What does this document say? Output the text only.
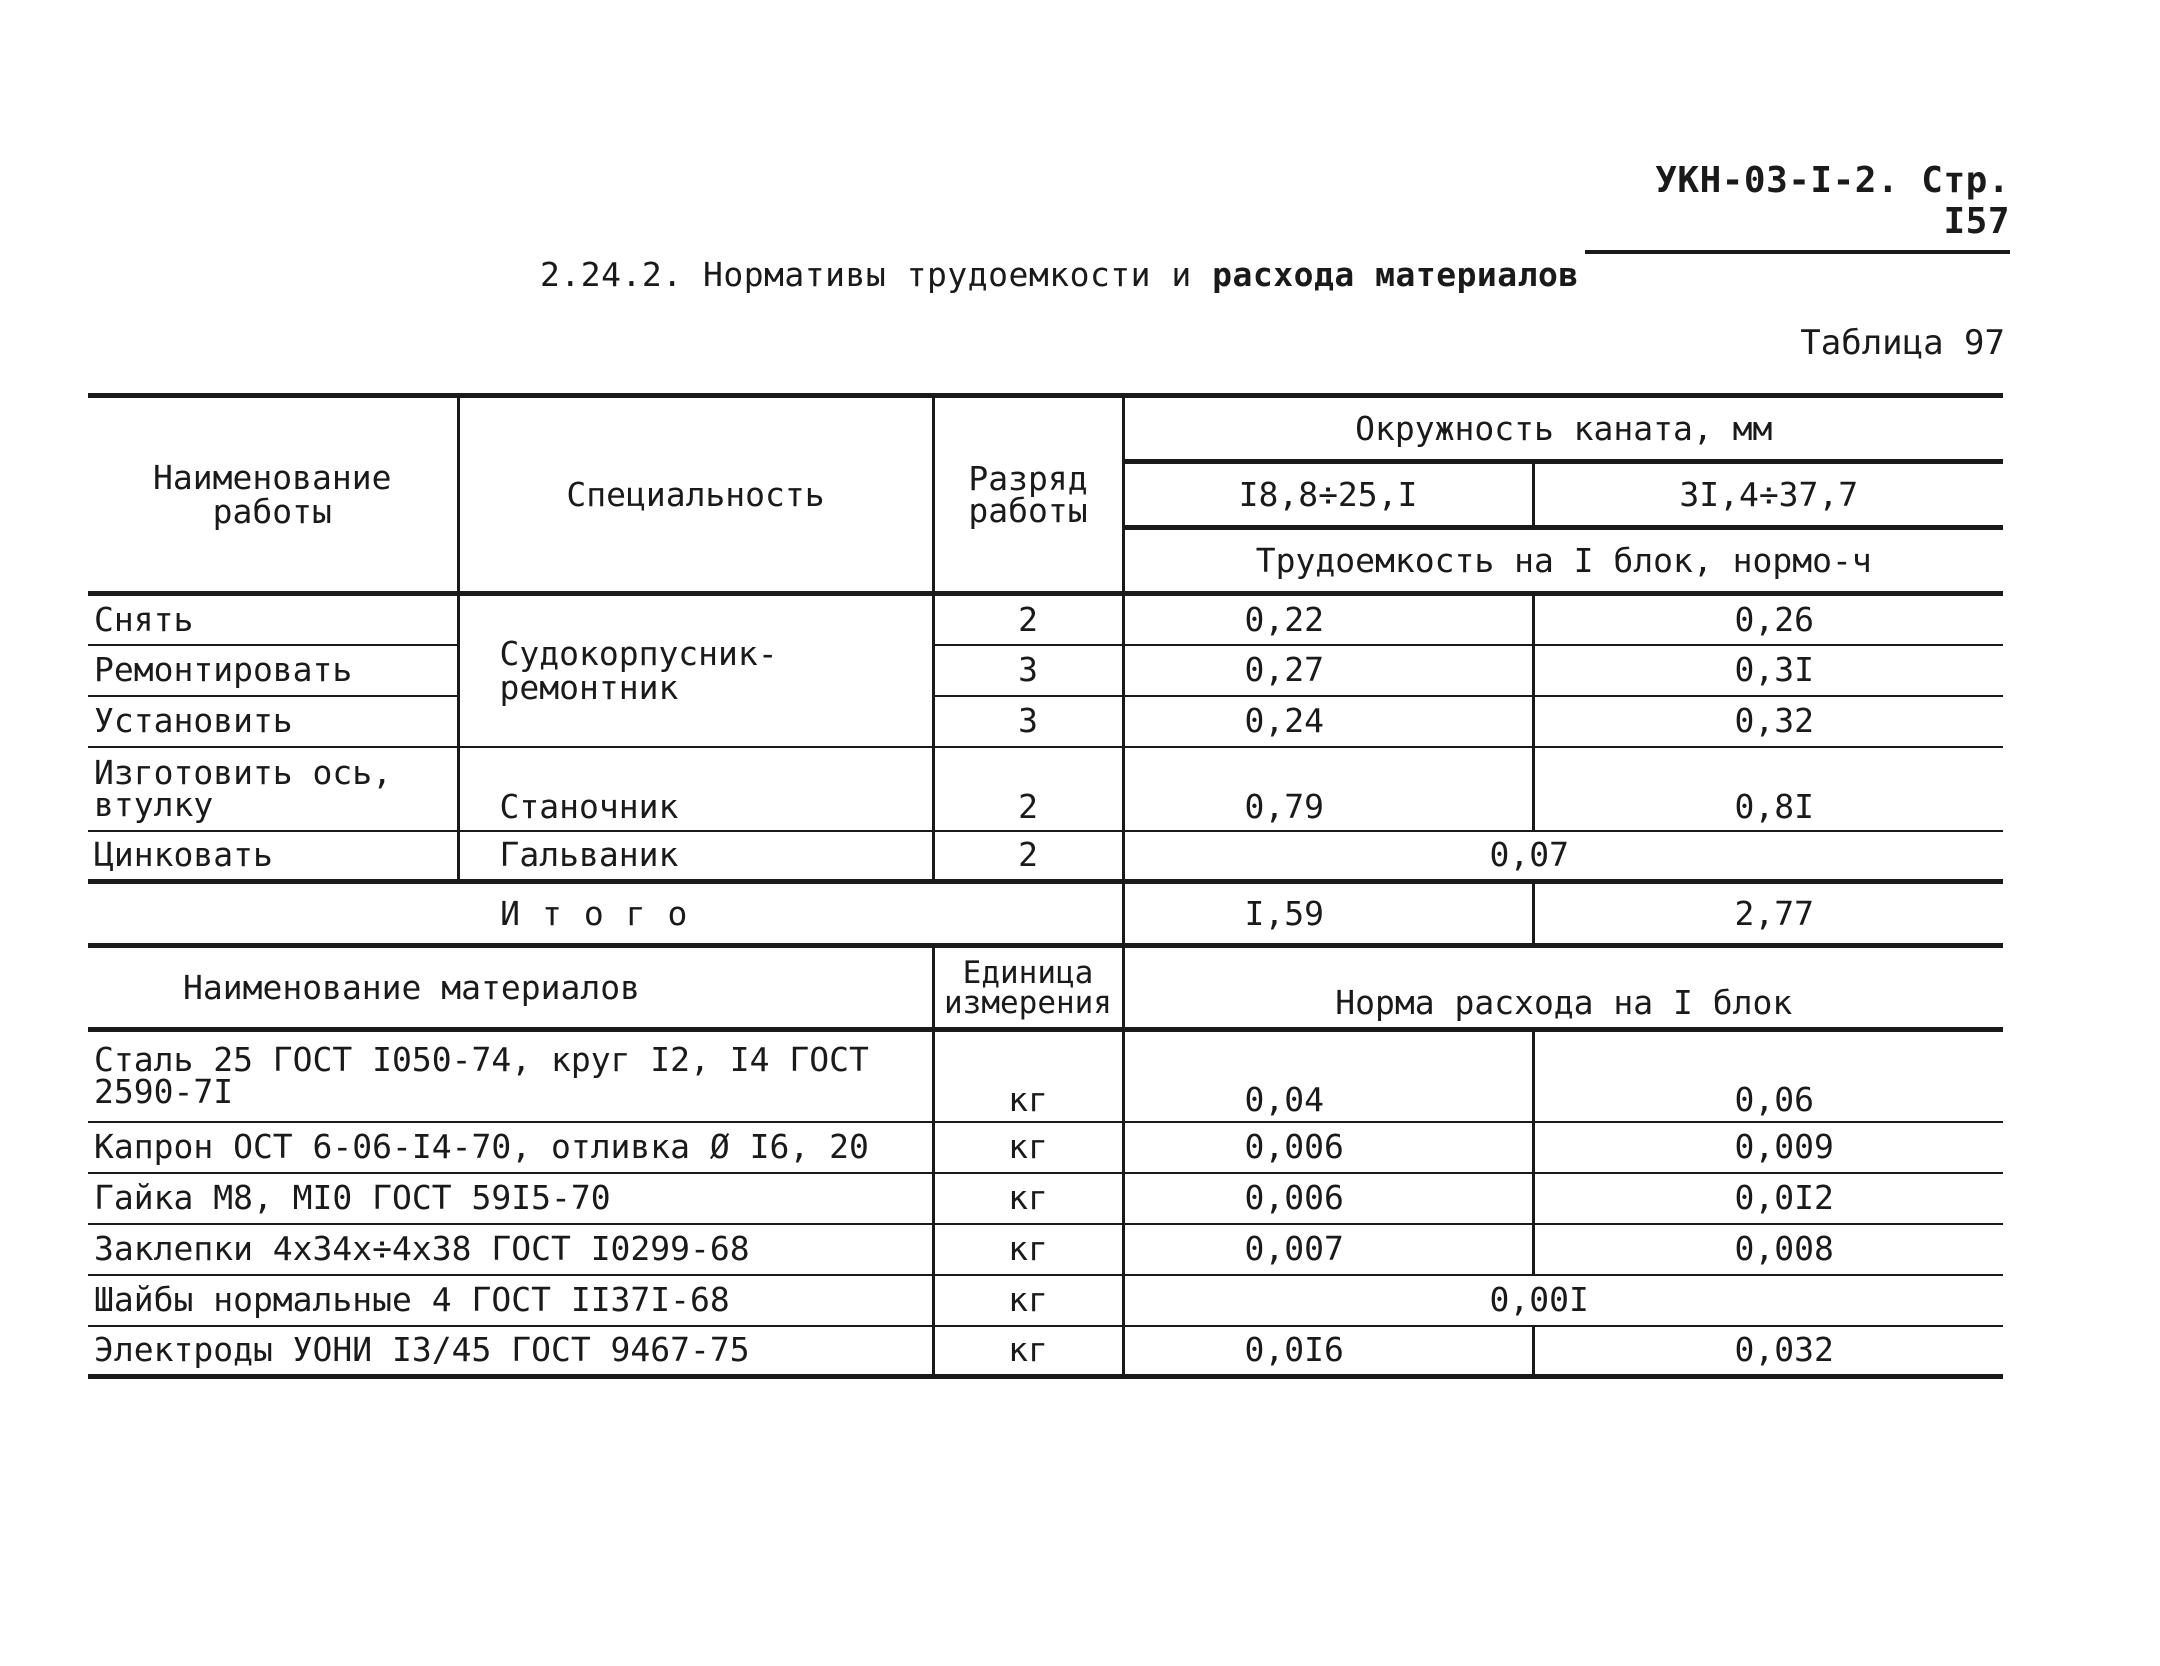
УКН-03-I-2. Стр. I57
2.24.2. Нормативы трудоемкости и расхода материалов
Таблица 97
Наименование работы	Специальность	Разряд работы	Окружность каната, мм	
			I8,8÷25,I	3I,4÷37,7
			Трудоемкость на I блок, нормо-ч	
Снять	Судокорпусник-ремонтник	2	0,22	0,26
Ремонтировать		3	0,27	0,3I
Установить		3	0,24	0,32
Изготовить ось, втулку	Станочник	2	0,79	0,8I
Цинковать	Гальваник	2	0,07	
Итого			I,59	2,77
Наименование материалов		Единица измерения	Норма расхода на I блок	
Сталь 25 ГОСТ I050-74, круг I2, I4 ГОСТ 2590-7I		кг	0,04	0,06
Капрон ОСТ 6-06-I4-70, отливка Ø I6, 20		кг	0,006	0,009
Гайка М8, МI0 ГОСТ 59I5-70		кг	0,006	0,0I2
Заклепки 4х34х÷4х38 ГОСТ I0299-68		кг	0,007	0,008
Шайбы нормальные 4 ГОСТ II37I-68		кг	0,00I	
Электроды УОНИ I3/45 ГОСТ 9467-75		кг	0,0I6	0,032
